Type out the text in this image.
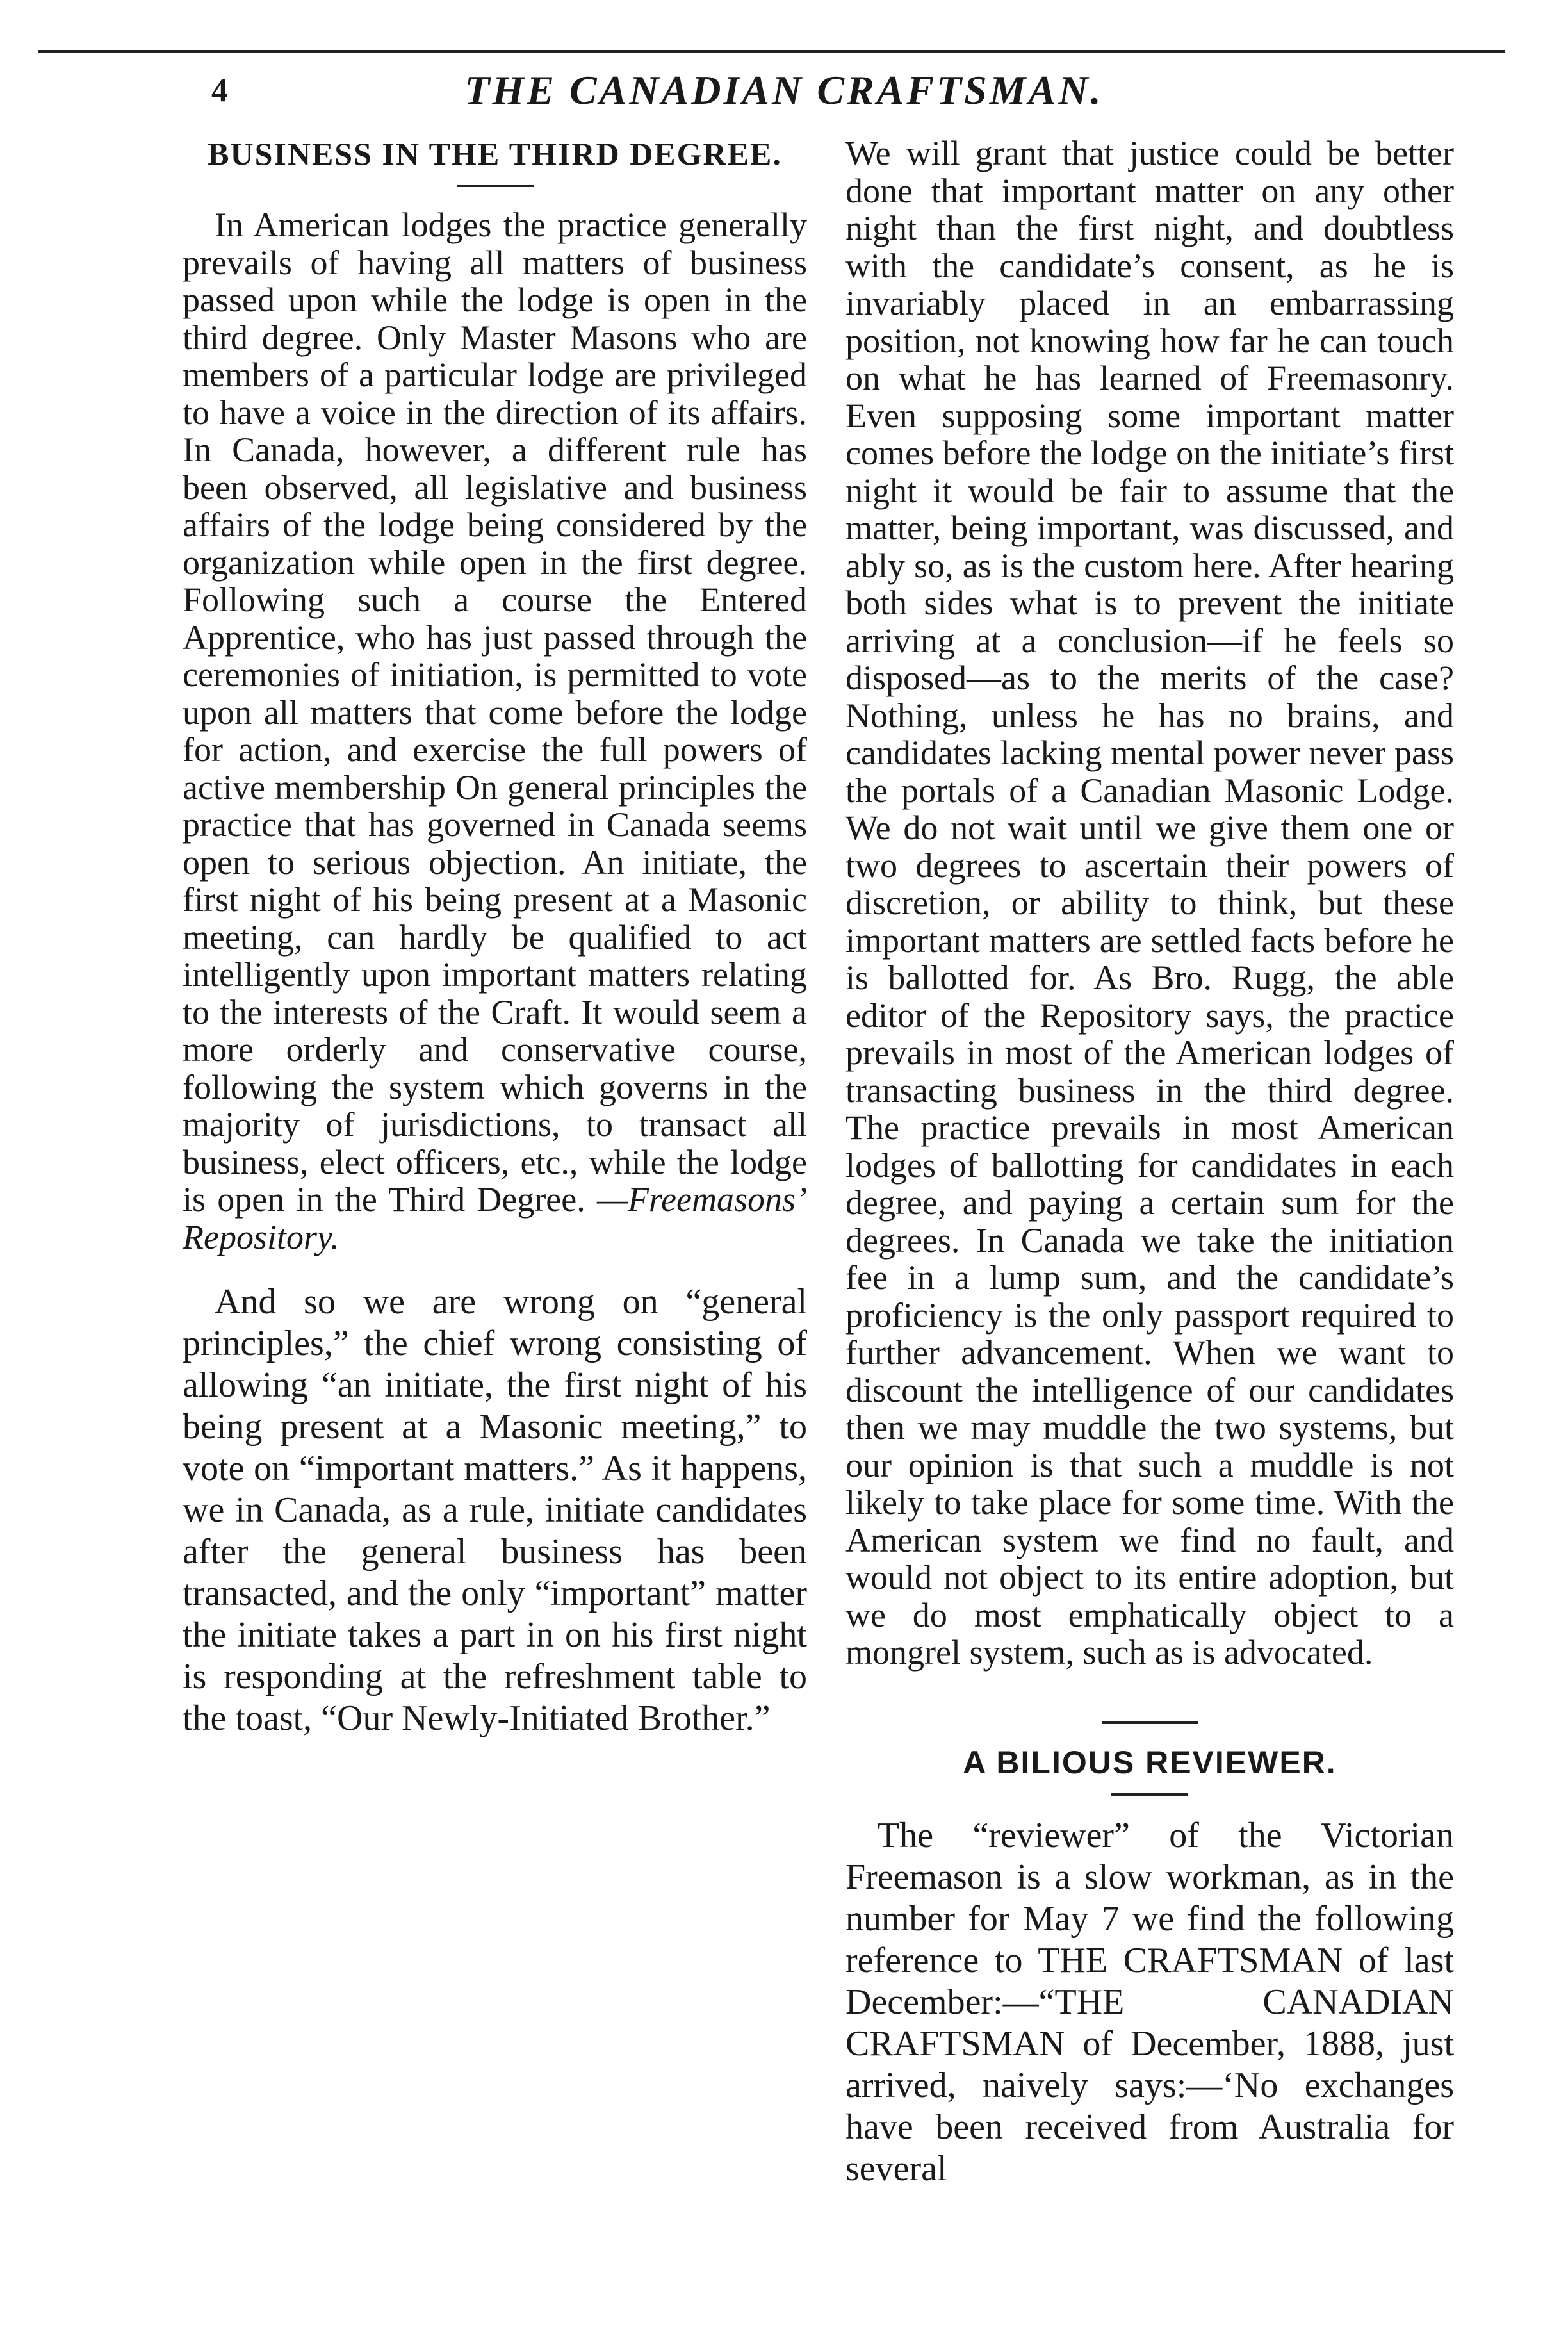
4	THE CANADIAN CRAFTSMAN.
BUSINESS IN THE THIRD DEGREE.

In American lodges the practice generally prevails of having all matters of business passed upon while the lodge is open in the third degree. Only Master Masons who are members of a particular lodge are privileged to have a voice in the direction of its affairs. In Canada, however, a different rule has been observed, all legislative and business affairs of the lodge being considered by the organization while open in the first degree. Following such a course the Entered Apprentice, who has just passed through the ceremonies of initiation, is permitted to vote upon all matters that come before the lodge for action, and exercise the full powers of active membership On general principles the practice that has governed in Canada seems open to serious objection. An initiate, the first night of his being present at a Masonic meeting, can hardly be qualified to act intelligently upon important matters relating to the interests of the Craft. It would seem a more orderly and conservative course, following the system which governs in the majority of jurisdictions, to transact all business, elect officers, etc., while the lodge is open in the Third Degree. —Freemasons’ Repository.

And so we are wrong on “general principles,” the chief wrong consisting of allowing “an initiate, the first night of his being present at a Masonic meeting,” to vote on “important matters.” As it happens, we in Canada, as a rule, initiate candidates after the general business has been transacted, and the only “important” matter the initiate takes a part in on his first night is responding at the refreshment table to the toast, “Our Newly-Initiated Brother.”

We will grant that justice could be better done that important matter on any other night than the first night, and doubtless with the candidate’s consent, as he is invariably placed in an embarrassing position, not knowing how far he can touch on what he has learned of Freemasonry. Even supposing some important matter comes before the lodge on the initiate’s first night it would be fair to assume that the matter, being important, was discussed, and ably so, as is the custom here. After hearing both sides what is to prevent the initiate arriving at a conclusion—if he feels so disposed—as to the merits of the case? Nothing, unless he has no brains, and candidates lacking mental power never pass the portals of a Canadian Masonic Lodge. We do not wait until we give them one or two degrees to ascertain their powers of discretion, or ability to think, but these important matters are settled facts before he is ballotted for. As Bro. Rugg, the able editor of the Repository says, the practice prevails in most of the American lodges of transacting business in the third degree. The practice prevails in most American lodges of ballotting for candidates in each degree, and paying a certain sum for the degrees. In Canada we take the initiation fee in a lump sum, and the candidate’s proficiency is the only passport required to further advancement. When we want to discount the intelligence of our candidates then we may muddle the two systems, but our opinion is that such a muddle is not likely to take place for some time. With the American system we find no fault, and would not object to its entire adoption, but we do most emphatically object to a mongrel system, such as is advocated.

A BILIOUS REVIEWER.

The “reviewer” of the Victorian Freemason is a slow workman, as in the number for May 7 we find the following reference to THE CRAFTSMAN of last December:—“THE CANADIAN CRAFTSMAN of December, 1888, just arrived, naively says:—‘No exchanges have been received from Australia for several
